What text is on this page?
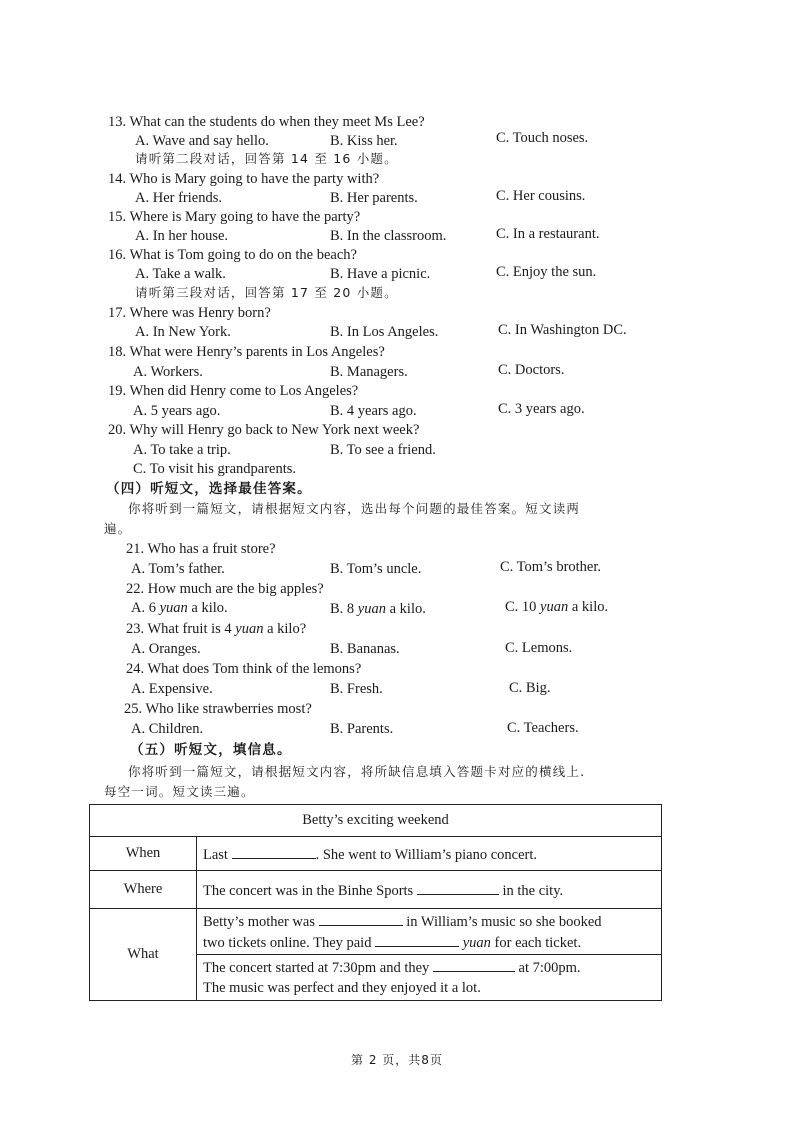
13. What can the students do when they meet Ms Lee?
A. Wave and say hello.	B. Kiss her.	C. Touch noses.
请听第二段对话，回答第 14 至 16 小题。
14. Who is Mary going to have the party with?
A. Her friends.	B. Her parents.	C. Her cousins.
15. Where is Mary going to have the party?
A. In her house.	B. In the classroom.	C. In a restaurant.
16. What is Tom going to do on the beach?
A. Take a walk.	B. Have a picnic.	C. Enjoy the sun.
请听第三段对话，回答第 17 至 20 小题。
17. Where was Henry born?
A. In New York.	B. In Los Angeles.	C. In Washington DC.
18. What were Henry’s parents in Los Angeles?
A. Workers.	B. Managers.	C. Doctors.
19. When did Henry come to Los Angeles?
A. 5 years ago.	B. 4 years ago.	C. 3 years ago.
20. Why will Henry go back to New York next week?
A. To take a trip.	B. To see a friend.
C. To visit his grandparents.
（四）听短文，选择最佳答案。
你将听到一篇短文，请根据短文内容，选出每个问题的最佳答案。短文读两
遍。
21. Who has a fruit store?
A. Tom’s father.	B. Tom’s uncle.	C. Tom’s brother.
22. How much are the big apples?
A. 6 yuan a kilo.	B. 8 yuan a kilo.	C. 10 yuan a kilo.
23. What fruit is 4 yuan a kilo?
A. Oranges.	B. Bananas.	C. Lemons.
24. What does Tom think of the lemons?
A. Expensive.	B. Fresh.	C. Big.
25. Who like strawberries most?
A. Children.	B. Parents.	C. Teachers.
（五）听短文，填信息。
你将听到一篇短文，请根据短文内容，将所缺信息填入答题卡对应的横线上.
每空一词。短文读三遍。
Betty’s exciting weekend	
When	Last . She went to William’s piano concert.
Where	The concert was in the Binhe Sports in the city.
What	Betty’s mother was in William’s music so she booked
two tickets online. They paid yuan for each ticket.
	The concert started at 7:30pm and they at 7:00pm.
The music was perfect and they enjoyed it a lot.
第 2 页，共8页
